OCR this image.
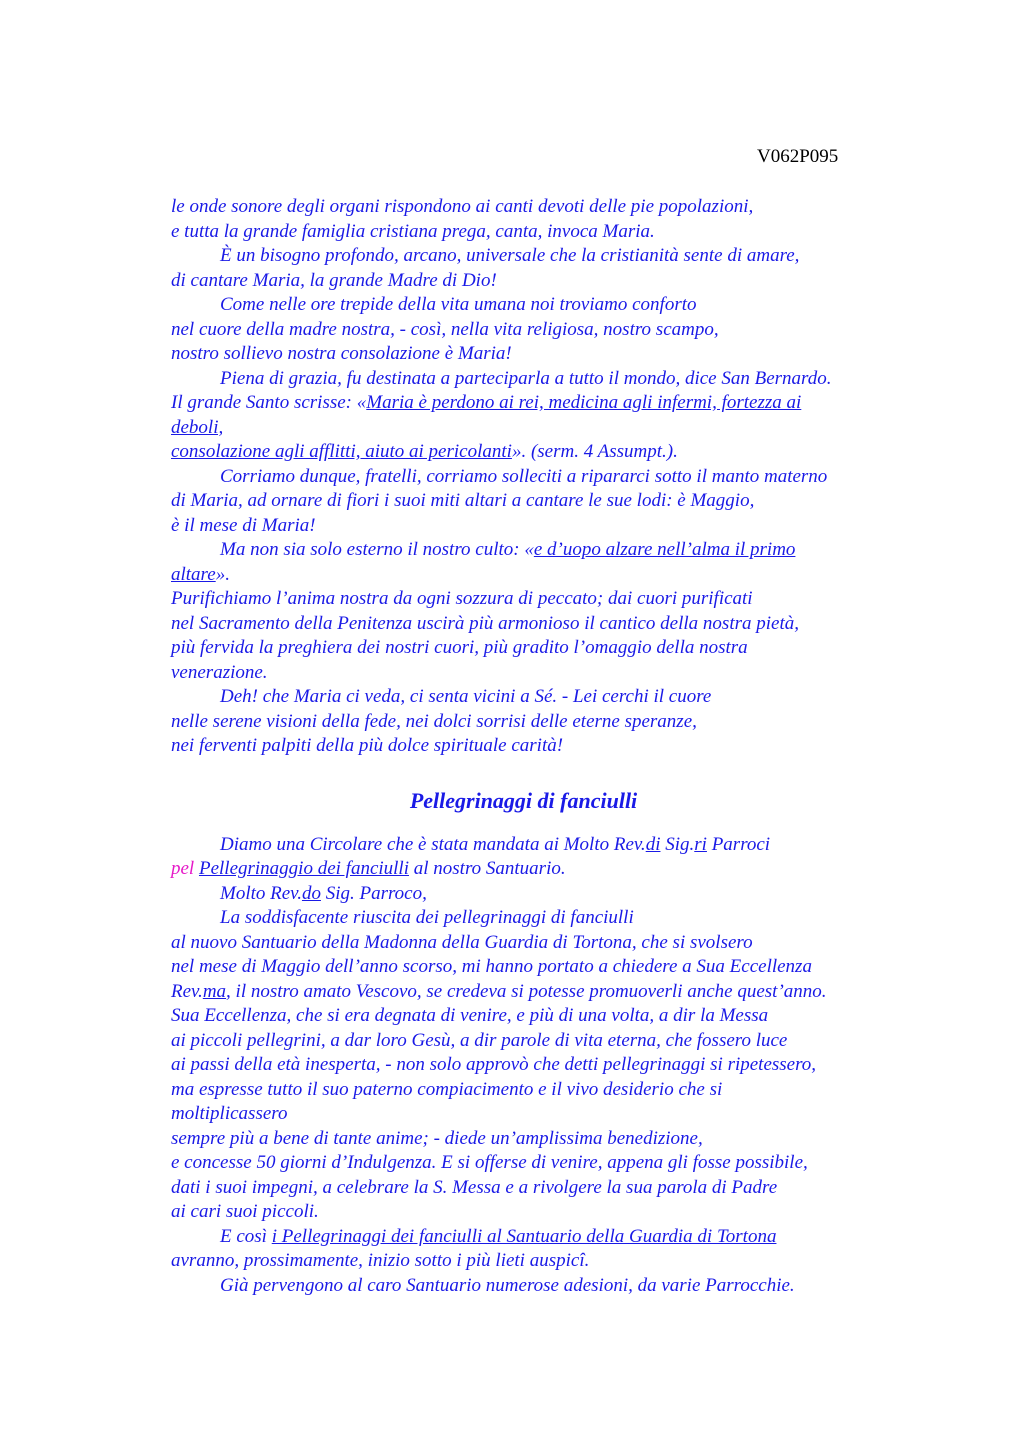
V062P095
le onde sonore degli organi rispondono ai canti devoti delle pie popolazioni,
e tutta la grande famiglia cristiana prega, canta, invoca Maria.
È un bisogno profondo, arcano, universale che la cristianità sente di amare,
di cantare Maria, la grande Madre di Dio!
Come nelle ore trepide della vita umana noi troviamo conforto
nel cuore della madre nostra, - così, nella vita religiosa, nostro scampo,
nostro sollievo nostra consolazione è Maria!
Piena di grazia, fu destinata a parteciparla a tutto il mondo, dice San Bernardo.
Il grande Santo scrisse: «Maria è perdono ai rei, medicina agli infermi, fortezza ai
deboli,
consolazione agli afflitti, aiuto ai pericolanti». (serm. 4 Assumpt.).
Corriamo dunque, fratelli, corriamo solleciti a ripararci sotto il manto materno
di Maria, ad ornare di fiori i suoi miti altari a cantare le sue lodi: è Maggio,
è il mese di Maria!
Ma non sia solo esterno il nostro culto: «e d’uopo alzare nell’alma il primo
altare».
Purifichiamo l’anima nostra da ogni sozzura di peccato; dai cuori purificati
nel Sacramento della Penitenza uscirà più armonioso il cantico della nostra pietà,
più fervida la preghiera dei nostri cuori, più gradito l’omaggio della nostra
venerazione.
Deh! che Maria ci veda, ci senta vicini a Sé. - Lei cerchi il cuore
nelle serene visioni della fede, nei dolci sorrisi delle eterne speranze,
nei ferventi palpiti della più dolce spirituale carità!
Pellegrinaggi di fanciulli
Diamo una Circolare che è stata mandata ai Molto Rev.di Sig.ri Parroci
pel Pellegrinaggio dei fanciulli al nostro Santuario.
Molto Rev.do Sig. Parroco,
La soddisfacente riuscita dei pellegrinaggi di fanciulli
al nuovo Santuario della Madonna della Guardia di Tortona, che si svolsero
nel mese di Maggio dell’anno scorso, mi hanno portato a chiedere a Sua Eccellenza
Rev.ma, il nostro amato Vescovo, se credeva si potesse promuoverli anche quest’anno.
Sua Eccellenza, che si era degnata di venire, e più di una volta, a dir la Messa
ai piccoli pellegrini, a dar loro Gesù, a dir parole di vita eterna, che fossero luce
ai passi della età inesperta, - non solo approvò che detti pellegrinaggi si ripetessero,
ma espresse tutto il suo paterno compiacimento e il vivo desiderio che si
moltiplicassero
sempre più a bene di tante anime; - diede un’amplissima benedizione,
e concesse 50 giorni d’Indulgenza. E si offerse di venire, appena gli fosse possibile,
dati i suoi impegni, a celebrare la S. Messa e a rivolgere la sua parola di Padre
ai cari suoi piccoli.
E così i Pellegrinaggi dei fanciulli al Santuario della Guardia di Tortona
avranno, prossimamente, inizio sotto i più lieti auspicî.
Già pervengono al caro Santuario numerose adesioni, da varie Parrocchie.
